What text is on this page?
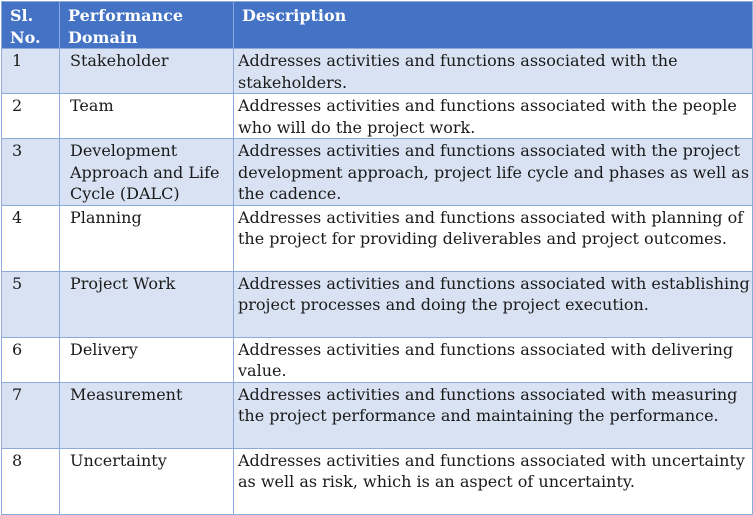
Sl. No.	Performance Domain	Description
1	Stakeholder	Addresses activities and functions associated with the stakeholders.
2	Team	Addresses activities and functions associated with the people who will do the project work.
3	Development Approach and Life Cycle (DALC)	Addresses activities and functions associated with the project development approach, project life cycle and phases as well as the cadence.
4	Planning	Addresses activities and functions associated with planning of the project for providing deliverables and project outcomes.
5	Project Work	Addresses activities and functions associated with establishing project processes and doing the project execution.
6	Delivery	Addresses activities and functions associated with delivering value.
7	Measurement	Addresses activities and functions associated with measuring the project performance and maintaining the performance.
8	Uncertainty	Addresses activities and functions associated with uncertainty as well as risk, which is an aspect of uncertainty.
